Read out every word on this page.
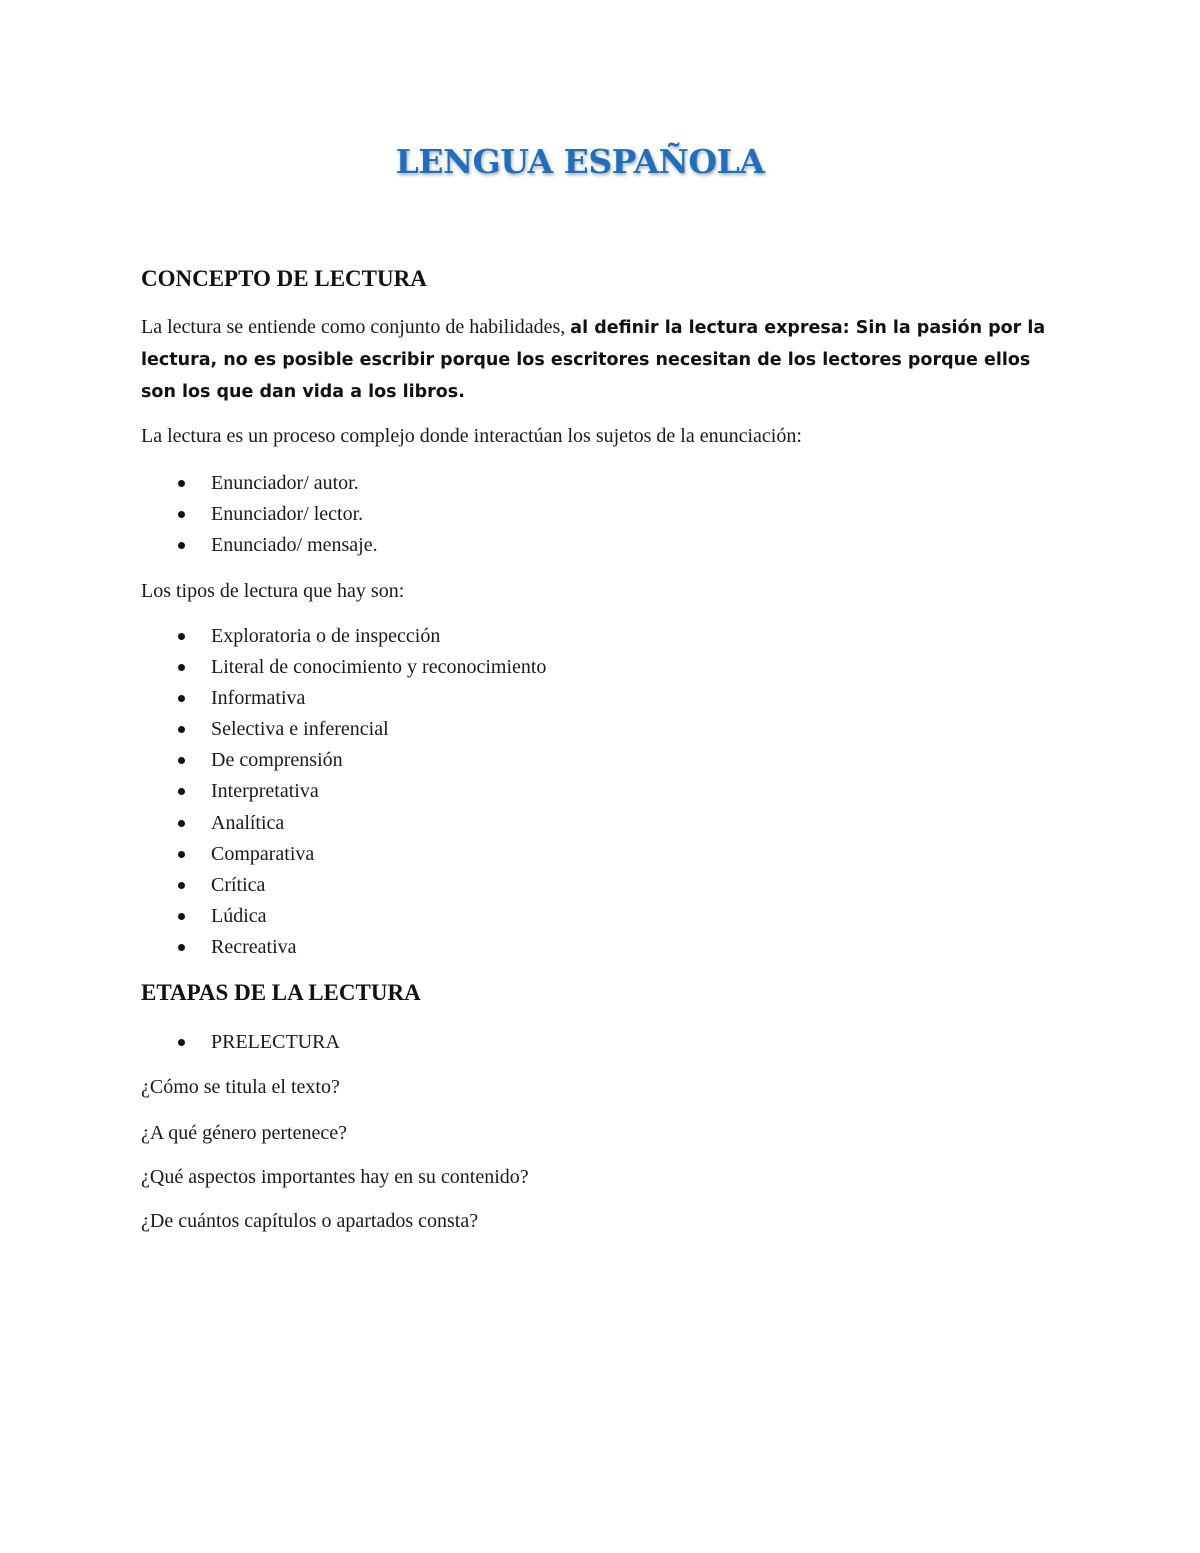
LENGUA ESPAÑOLA
CONCEPTO DE LECTURA
La lectura se entiende como conjunto de habilidades, al definir la lectura expresa: Sin la pasión por la lectura, no es posible escribir porque los escritores necesitan de los lectores porque ellos son los que dan vida a los libros.
La lectura es un proceso complejo donde interactúan los sujetos de la enunciación:
Enunciador/ autor.
Enunciador/ lector.
Enunciado/ mensaje.
Los tipos de lectura que hay son:
Exploratoria o de inspección
Literal de conocimiento y reconocimiento
Informativa
Selectiva e inferencial
De comprensión
Interpretativa
Analítica
Comparativa
Crítica
Lúdica
Recreativa
ETAPAS DE LA LECTURA
PRELECTURA
¿Cómo se titula el texto?
¿A qué género pertenece?
¿Qué aspectos importantes hay en su contenido?
¿De cuántos capítulos o apartados consta?
